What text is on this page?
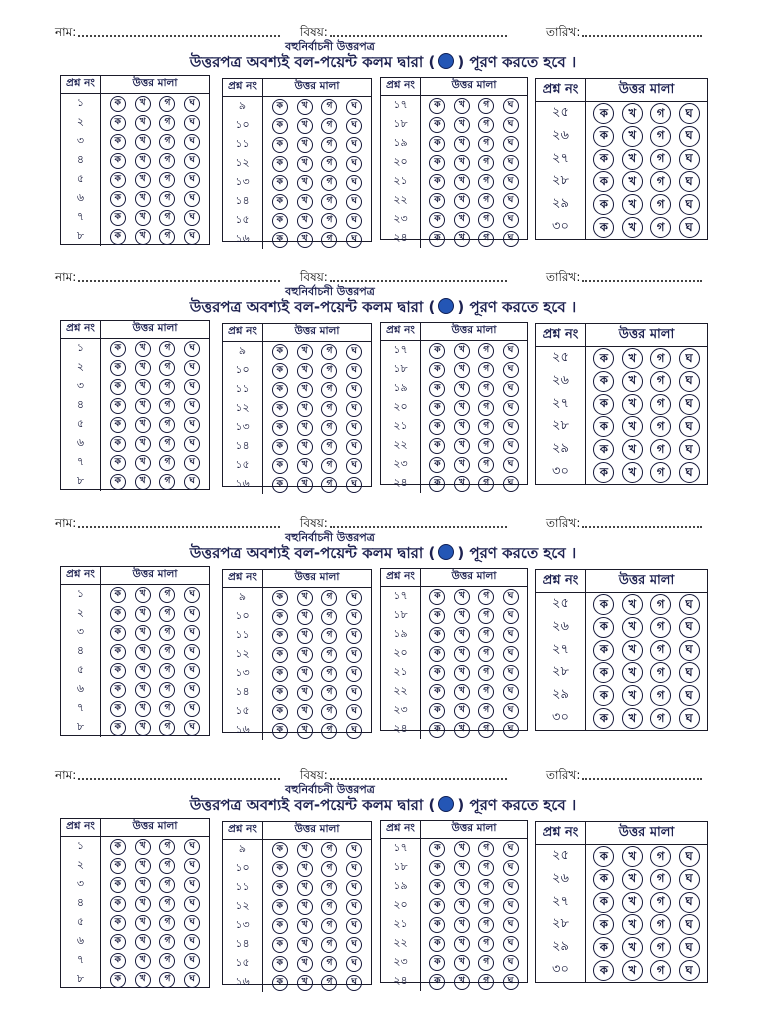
নাম:	বিষয়:	তারিখ:
বহুনির্বাচনী উত্তরপত্র
উত্তরপত্র অবশ্যই বল-পয়েন্ট কলম দ্বারা ( ) পূরণ করতে হবে ।
প্রশ্ন নং	উত্তর মালা
১	ক	খ	গ	ঘ
২	ক	খ	গ	ঘ
৩	ক	খ	গ	ঘ
৪	ক	খ	গ	ঘ
৫	ক	খ	গ	ঘ
৬	ক	খ	গ	ঘ
৭	ক	খ	গ	ঘ
৮	ক	খ	গ	ঘ
প্রশ্ন নং	উত্তর মালা
৯	ক	খ	গ	ঘ
১০	ক	খ	গ	ঘ
১১	ক	খ	গ	ঘ
১২	ক	খ	গ	ঘ
১৩	ক	খ	গ	ঘ
১৪	ক	খ	গ	ঘ
১৫	ক	খ	গ	ঘ
১৬	ক	খ	গ	ঘ
প্রশ্ন নং	উত্তর মালা
১৭	ক	খ	গ	ঘ
১৮	ক	খ	গ	ঘ
১৯	ক	খ	গ	ঘ
২০	ক	খ	গ	ঘ
২১	ক	খ	গ	ঘ
২২	ক	খ	গ	ঘ
২৩	ক	খ	গ	ঘ
২৪	ক	খ	গ	ঘ
প্রশ্ন নং	উত্তর মালা
২৫	ক	খ	গ	ঘ
২৬	ক	খ	গ	ঘ
২৭	ক	খ	গ	ঘ
২৮	ক	খ	গ	ঘ
২৯	ক	খ	গ	ঘ
৩০	ক	খ	গ	ঘ
নাম:	বিষয়:	তারিখ:
বহুনির্বাচনী উত্তরপত্র
উত্তরপত্র অবশ্যই বল-পয়েন্ট কলম দ্বারা ( ) পূরণ করতে হবে ।
প্রশ্ন নং	উত্তর মালা
১	ক	খ	গ	ঘ
২	ক	খ	গ	ঘ
৩	ক	খ	গ	ঘ
৪	ক	খ	গ	ঘ
৫	ক	খ	গ	ঘ
৬	ক	খ	গ	ঘ
৭	ক	খ	গ	ঘ
৮	ক	খ	গ	ঘ
প্রশ্ন নং	উত্তর মালা
৯	ক	খ	গ	ঘ
১০	ক	খ	গ	ঘ
১১	ক	খ	গ	ঘ
১২	ক	খ	গ	ঘ
১৩	ক	খ	গ	ঘ
১৪	ক	খ	গ	ঘ
১৫	ক	খ	গ	ঘ
১৬	ক	খ	গ	ঘ
প্রশ্ন নং	উত্তর মালা
১৭	ক	খ	গ	ঘ
১৮	ক	খ	গ	ঘ
১৯	ক	খ	গ	ঘ
২০	ক	খ	গ	ঘ
২১	ক	খ	গ	ঘ
২২	ক	খ	গ	ঘ
২৩	ক	খ	গ	ঘ
২৪	ক	খ	গ	ঘ
প্রশ্ন নং	উত্তর মালা
২৫	ক	খ	গ	ঘ
২৬	ক	খ	গ	ঘ
২৭	ক	খ	গ	ঘ
২৮	ক	খ	গ	ঘ
২৯	ক	খ	গ	ঘ
৩০	ক	খ	গ	ঘ
নাম:	বিষয়:	তারিখ:
বহুনির্বাচনী উত্তরপত্র
উত্তরপত্র অবশ্যই বল-পয়েন্ট কলম দ্বারা ( ) পূরণ করতে হবে ।
প্রশ্ন নং	উত্তর মালা
১	ক	খ	গ	ঘ
২	ক	খ	গ	ঘ
৩	ক	খ	গ	ঘ
৪	ক	খ	গ	ঘ
৫	ক	খ	গ	ঘ
৬	ক	খ	গ	ঘ
৭	ক	খ	গ	ঘ
৮	ক	খ	গ	ঘ
প্রশ্ন নং	উত্তর মালা
৯	ক	খ	গ	ঘ
১০	ক	খ	গ	ঘ
১১	ক	খ	গ	ঘ
১২	ক	খ	গ	ঘ
১৩	ক	খ	গ	ঘ
১৪	ক	খ	গ	ঘ
১৫	ক	খ	গ	ঘ
১৬	ক	খ	গ	ঘ
প্রশ্ন নং	উত্তর মালা
১৭	ক	খ	গ	ঘ
১৮	ক	খ	গ	ঘ
১৯	ক	খ	গ	ঘ
২০	ক	খ	গ	ঘ
২১	ক	খ	গ	ঘ
২২	ক	খ	গ	ঘ
২৩	ক	খ	গ	ঘ
২৪	ক	খ	গ	ঘ
প্রশ্ন নং	উত্তর মালা
২৫	ক	খ	গ	ঘ
২৬	ক	খ	গ	ঘ
২৭	ক	খ	গ	ঘ
২৮	ক	খ	গ	ঘ
২৯	ক	খ	গ	ঘ
৩০	ক	খ	গ	ঘ
নাম:	বিষয়:	তারিখ:
বহুনির্বাচনী উত্তরপত্র
উত্তরপত্র অবশ্যই বল-পয়েন্ট কলম দ্বারা ( ) পূরণ করতে হবে ।
প্রশ্ন নং	উত্তর মালা
১	ক	খ	গ	ঘ
২	ক	খ	গ	ঘ
৩	ক	খ	গ	ঘ
৪	ক	খ	গ	ঘ
৫	ক	খ	গ	ঘ
৬	ক	খ	গ	ঘ
৭	ক	খ	গ	ঘ
৮	ক	খ	গ	ঘ
প্রশ্ন নং	উত্তর মালা
৯	ক	খ	গ	ঘ
১০	ক	খ	গ	ঘ
১১	ক	খ	গ	ঘ
১২	ক	খ	গ	ঘ
১৩	ক	খ	গ	ঘ
১৪	ক	খ	গ	ঘ
১৫	ক	খ	গ	ঘ
১৬	ক	খ	গ	ঘ
প্রশ্ন নং	উত্তর মালা
১৭	ক	খ	গ	ঘ
১৮	ক	খ	গ	ঘ
১৯	ক	খ	গ	ঘ
২০	ক	খ	গ	ঘ
২১	ক	খ	গ	ঘ
২২	ক	খ	গ	ঘ
২৩	ক	খ	গ	ঘ
২৪	ক	খ	গ	ঘ
প্রশ্ন নং	উত্তর মালা
২৫	ক	খ	গ	ঘ
২৬	ক	খ	গ	ঘ
২৭	ক	খ	গ	ঘ
২৮	ক	খ	গ	ঘ
২৯	ক	খ	গ	ঘ
৩০	ক	খ	গ	ঘ
